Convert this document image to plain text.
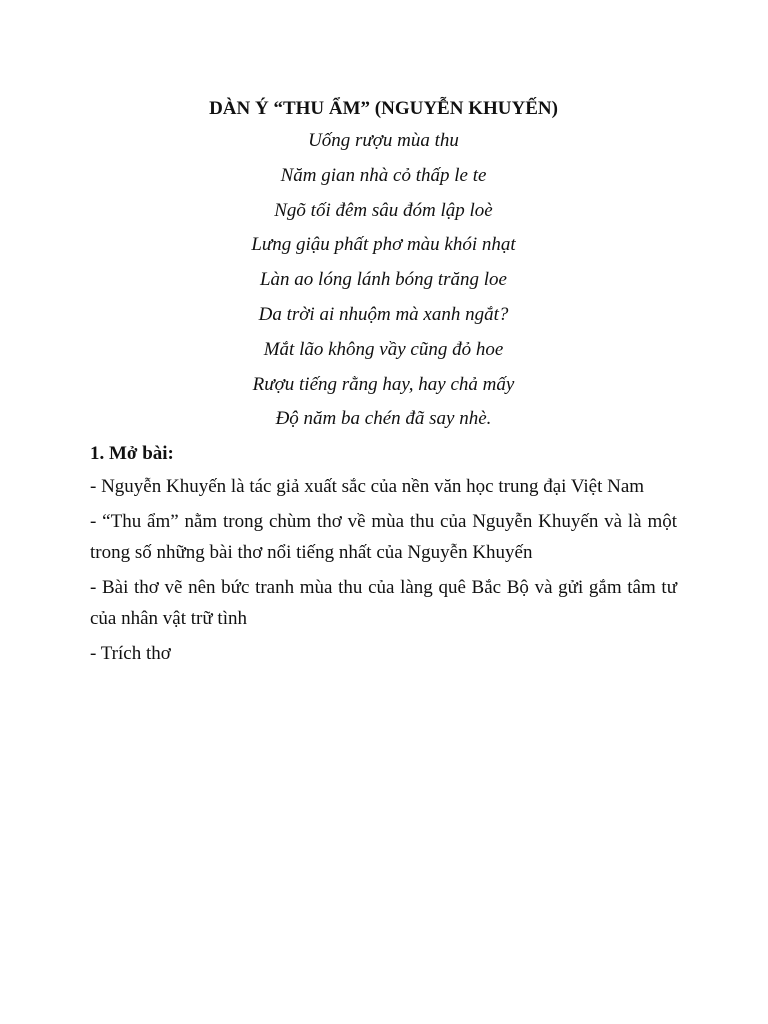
DÀN Ý “THU ẨM” (NGUYỄN KHUYẾN)

Uống rượu mùa thu

Năm gian nhà cỏ thấp le te

Ngõ tối đêm sâu đóm lập loè

Lưng giậu phất phơ màu khói nhạt

Làn ao lóng lánh bóng trăng loe

Da trời ai nhuộm mà xanh ngắt?

Mắt lão không vầy cũng đỏ hoe

Rượu tiếng rằng hay, hay chả mấy

Độ năm ba chén đã say nhè.

1. Mở bài:

- Nguyễn Khuyến là tác giả xuất sắc của nền văn học trung đại Việt Nam

- “Thu ẩm” nằm trong chùm thơ về mùa thu của Nguyễn Khuyến và là một trong số những bài thơ nổi tiếng nhất của Nguyễn Khuyến

- Bài thơ vẽ nên bức tranh mùa thu của làng quê Bắc Bộ và gửi gắm tâm tư của nhân vật trữ tình

- Trích thơ
